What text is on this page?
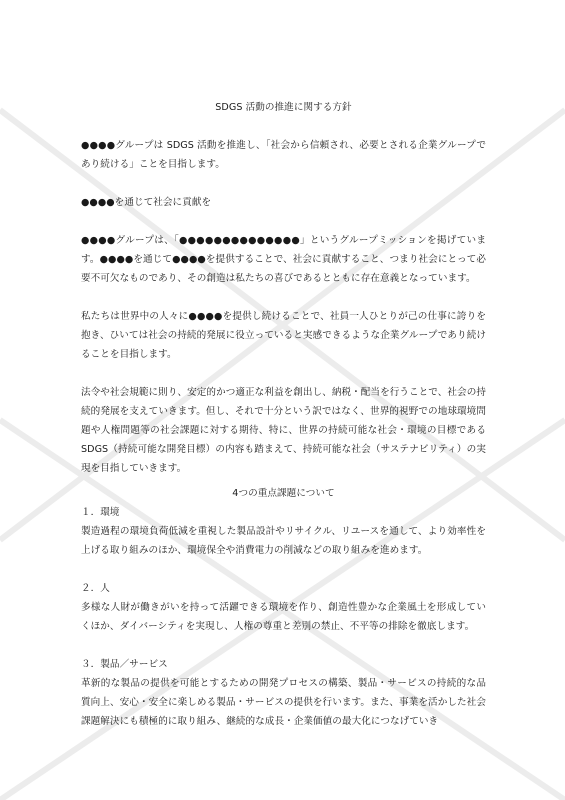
SDGS 活動の推進に関する方針

●●●●グループは SDGS 活動を推進し、「社会から信頼され、必要とされる企業グループであり続ける」ことを目指します。

●●●●を通じて社会に貢献を

●●●●グループは、「●●●●●●●●●●●●●●」というグループミッションを掲げています。●●●●を通じて●●●●を提供することで、社会に貢献すること、つまり社会にとって必要不可欠なものであり、その創造は私たちの喜びであるとともに存在意義となっています。

私たちは世界中の人々に●●●●を提供し続けることで、社員一人ひとりが己の仕事に誇りを抱き、ひいては社会の持続的発展に役立っていると実感できるような企業グループであり続けることを目指します。

法令や社会規範に則り、安定的かつ適正な利益を創出し、納税・配当を行うことで、社会の持続的発展を支えていきます。但し、それで十分という訳ではなく、世界的視野での地球環境問題や人権問題等の社会課題に対する期待、特に、世界の持続可能な社会・環境の目標である SDGS（持続可能な開発目標）の内容も踏まえて、持続可能な社会（サステナビリティ）の実現を目指していきます。

4つの重点課題について

１．環境

製造過程の環境負荷低減を重視した製品設計やリサイクル、リユースを通して、より効率性を上げる取り組みのほか、環境保全や消費電力の削減などの取り組みを進めます。

２．人

多様な人財が働きがいを持って活躍できる環境を作り、創造性豊かな企業風土を形成していくほか、ダイバーシティを実現し、人権の尊重と差別の禁止、不平等の排除を徹底します。

３．製品／サービス

革新的な製品の提供を可能とするための開発プロセスの構築、製品・サービスの持続的な品質向上、安心・安全に楽しめる製品・サービスの提供を行います。また、事業を活かした社会課題解決にも積極的に取り組み、継続的な成長・企業価値の最大化につなげていき
